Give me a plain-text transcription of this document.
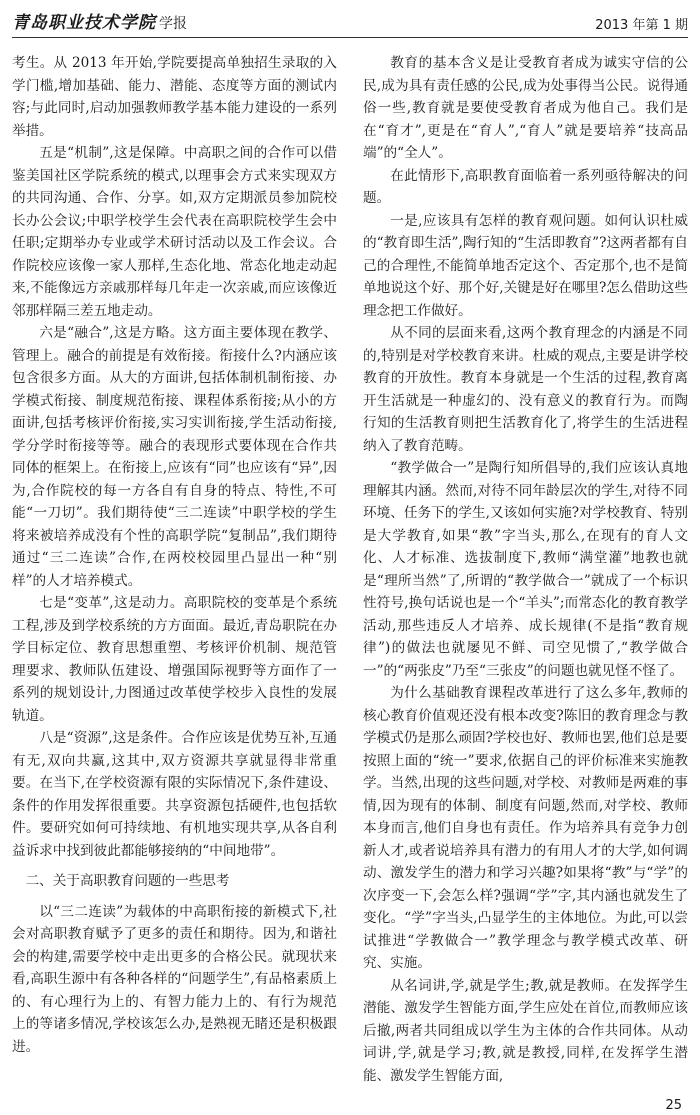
青岛职业技术学院 学报	2013 年第 1 期

考生。从 2013 年开始,学院要提高单独招生录取的入学门槛,增加基础、能力、潜能、态度等方面的测试内容;与此同时,启动加强教师教学基本能力建设的一系列举措。

五是“机制”,这是保障。中高职之间的合作可以借鉴美国社区学院系统的模式,以理事会方式来实现双方的共同沟通、合作、分享。如,双方定期派员参加院校长办公会议;中职学校学生会代表在高职院校学生会中任职;定期举办专业或学术研讨活动以及工作会议。合作院校应该像一家人那样,生态化地、常态化地走动起来,不能像远方亲戚那样每几年走一次亲戚,而应该像近邻那样隔三差五地走动。

六是“融合”,这是方略。这方面主要体现在教学、管理上。融合的前提是有效衔接。衔接什么?内涵应该包含很多方面。从大的方面讲,包括体制机制衔接、办学模式衔接、制度规范衔接、课程体系衔接;从小的方面讲,包括考核评价衔接,实习实训衔接,学生活动衔接,学分学时衔接等等。融合的表现形式要体现在合作共同体的框架上。在衔接上,应该有“同”也应该有“异”,因为,合作院校的每一方各自有自身的特点、特性,不可能“一刀切”。我们期待使“三二连读”中职学校的学生将来被培养成没有个性的高职学院“复制品”,我们期待通过“三二连读”合作,在两校校园里凸显出一种“别样”的人才培养模式。

七是“变革”,这是动力。高职院校的变革是个系统工程,涉及到学校系统的方方面面。最近,青岛职院在办学目标定位、教育思想重塑、考核评价机制、规范管理要求、教师队伍建设、增强国际视野等方面作了一系列的规划设计,力图通过改革使学校步入良性的发展轨道。

八是“资源”,这是条件。合作应该是优势互补,互通有无,双向共赢,这其中,双方资源共享就显得非常重要。在当下,在学校资源有限的实际情况下,条件建设、条件的作用发挥很重要。共享资源包括硬件,也包括软件。要研究如何可持续地、有机地实现共享,从各自利益诉求中找到彼此都能够接纳的“中间地带”。

二、关于高职教育问题的一些思考

以“三二连读”为载体的中高职衔接的新模式下,社会对高职教育赋予了更多的责任和期待。因为,和谐社会的构建,需要学校中走出更多的合格公民。就现状来看,高职生源中有各种各样的“问题学生”,有品格素质上的、有心理行为上的、有智力能力上的、有行为规范上的等诸多情况,学校该怎么办,是熟视无睹还是积极跟进。

教育的基本含义是让受教育者成为诚实守信的公民,成为具有责任感的公民,成为处事得当公民。说得通俗一些,教育就是要使受教育者成为他自己。我们是在“育才”,更是在“育人”,“育人”就是要培养“技高品端”的“全人”。

在此情形下,高职教育面临着一系列亟待解决的问题。

一是,应该具有怎样的教育观问题。如何认识杜威的“教育即生活”,陶行知的“生活即教育”?这两者都有自己的合理性,不能简单地否定这个、否定那个,也不是简单地说这个好、那个好,关键是好在哪里?怎么借助这些理念把工作做好。

从不同的层面来看,这两个教育理念的内涵是不同的,特别是对学校教育来讲。杜威的观点,主要是讲学校教育的开放性。教育本身就是一个生活的过程,教育离开生活就是一种虚幻的、没有意义的教育行为。而陶行知的生活教育则把生活教育化了,将学生的生活进程纳入了教育范畴。

“教学做合一”是陶行知所倡导的,我们应该认真地理解其内涵。然而,对待不同年龄层次的学生,对待不同环境、任务下的学生,又该如何实施?对学校教育、特别是大学教育,如果“教”字当头,那么,在现有的育人文化、人才标准、选拔制度下,教师“满堂灌”地教也就是“理所当然”了,所谓的“教学做合一”就成了一个标识性符号,换句话说也是一个“羊头”;而常态化的教育教学活动,那些违反人才培养、成长规律(不是指“教育规律”)的做法也就屡见不鲜、司空见惯了,“教学做合一”的“两张皮”乃至“三张皮”的问题也就见怪不怪了。

为什么基础教育课程改革进行了这么多年,教师的核心教育价值观还没有根本改变?陈旧的教育理念与教学模式仍是那么顽固?学校也好、教师也罢,他们总是要按照上面的“统一”要求,依据自己的评价标准来实施教学。当然,出现的这些问题,对学校、对教师是两难的事情,因为现有的体制、制度有问题,然而,对学校、教师本身而言,他们自身也有责任。作为培养具有竞争力创新人才,或者说培养具有潜力的有用人才的大学,如何调动、激发学生的潜力和学习兴趣?如果将“教”与“学”的次序变一下,会怎么样?强调“学”字,其内涵也就发生了变化。“学”字当头,凸显学生的主体地位。为此,可以尝试推进“学教做合一”教学理念与教学模式改革、研究、实施。

从名词讲,学,就是学生;教,就是教师。在发挥学生潜能、激发学生智能方面,学生应处在首位,而教师应该后撤,两者共同组成以学生为主体的合作共同体。从动词讲,学,就是学习;教,就是教授,同样,在发挥学生潜能、激发学生智能方面,

25
